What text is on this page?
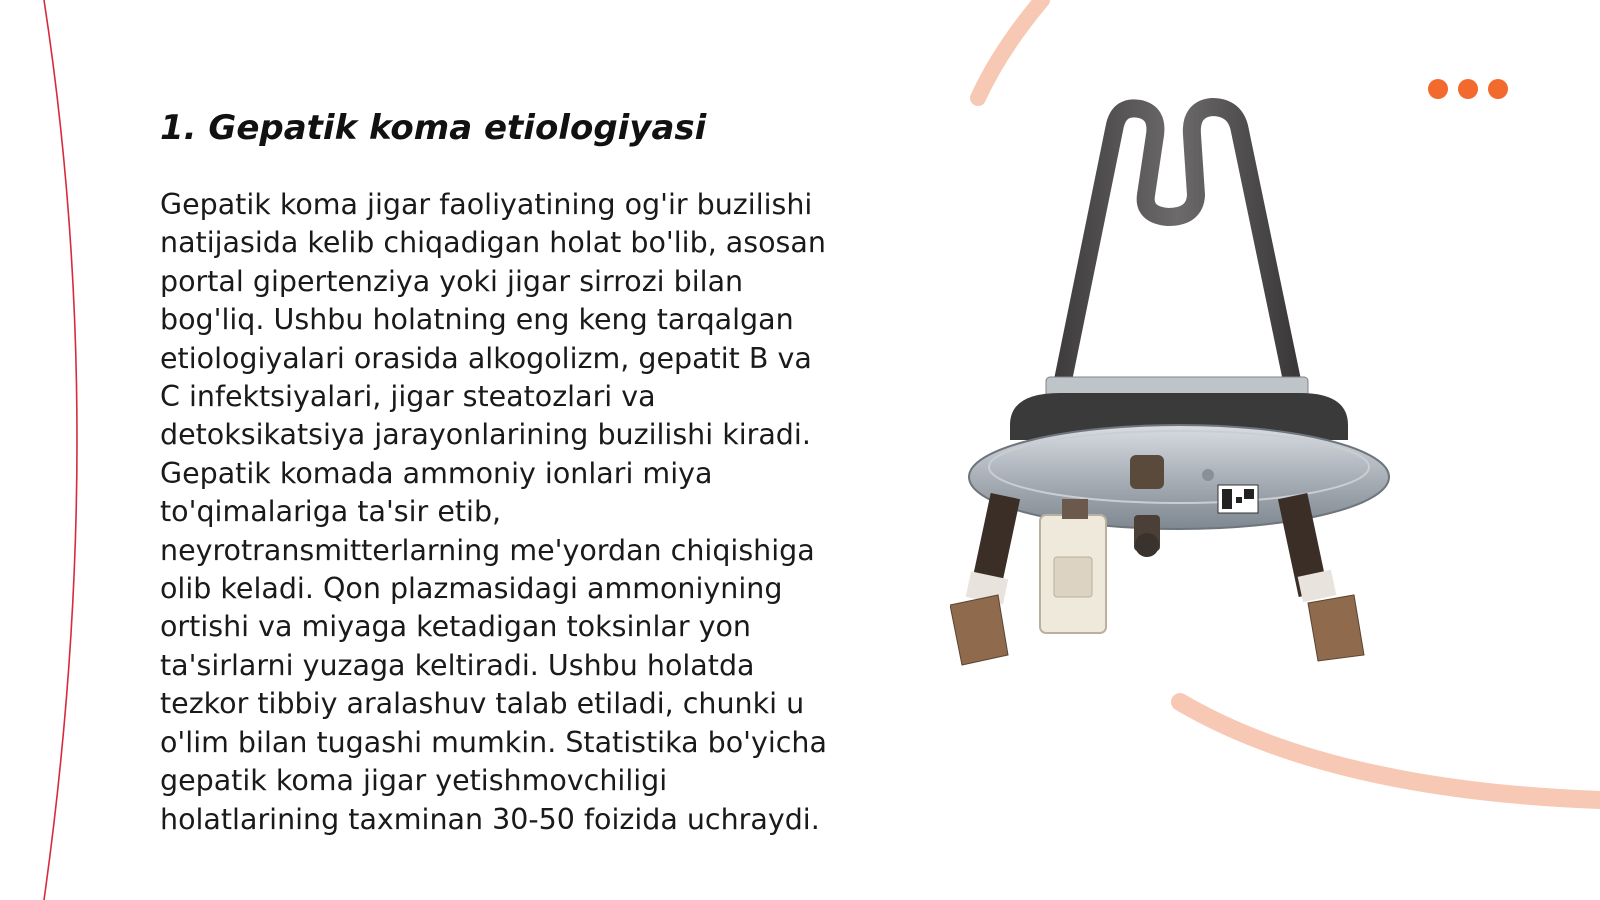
1. Gepatik koma etiologiyasi

Gepatik koma jigar faoliyatining og'ir buzilishi natijasida kelib chiqadigan holat bo'lib, asosan portal gipertenziya yoki jigar sirrozi bilan bog'liq. Ushbu holatning eng keng tarqalgan etiologiyalari orasida alkogolizm, gepatit B va C infektsiyalari, jigar steatozlari va detoksikatsiya jarayonlarining buzilishi kiradi. Gepatik komada ammoniy ionlari miya to'qimalariga ta'sir etib, neyrotransmitterlarning me'yordan chiqishiga olib keladi. Qon plazmasidagi ammoniyning ortishi va miyaga ketadigan toksinlar yon ta'sirlarni yuzaga keltiradi. Ushbu holatda tezkor tibbiy aralashuv talab etiladi, chunki u o'lim bilan tugashi mumkin. Statistika bo'yicha gepatik koma jigar yetishmovchiligi holatlarining taxminan 30-50 foizida uchraydi.
